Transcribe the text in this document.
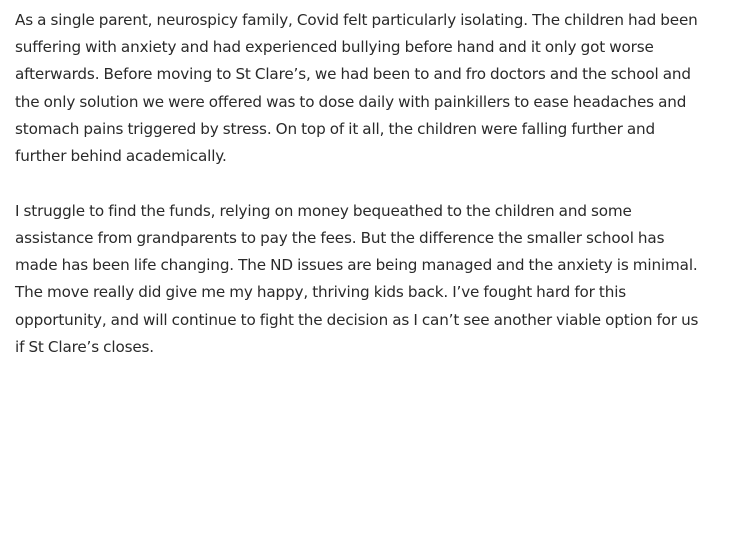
As a single parent, neurospicy family, Covid felt particularly isolating. The children had been
suffering with anxiety and had experienced bullying before hand and it only got worse
afterwards. Before moving to St Clare’s, we had been to and fro doctors and the school and
the only solution we were offered was to dose daily with painkillers to ease headaches and
stomach pains triggered by stress. On top of it all, the children were falling further and
further behind academically.

I struggle to find the funds, relying on money bequeathed to the children and some
assistance from grandparents to pay the fees. But the difference the smaller school has
made has been life changing. The ND issues are being managed and the anxiety is minimal.
The move really did give me my happy, thriving kids back. I’ve fought hard for this
opportunity, and will continue to fight the decision as I can’t see another viable option for us
if St Clare’s closes.
